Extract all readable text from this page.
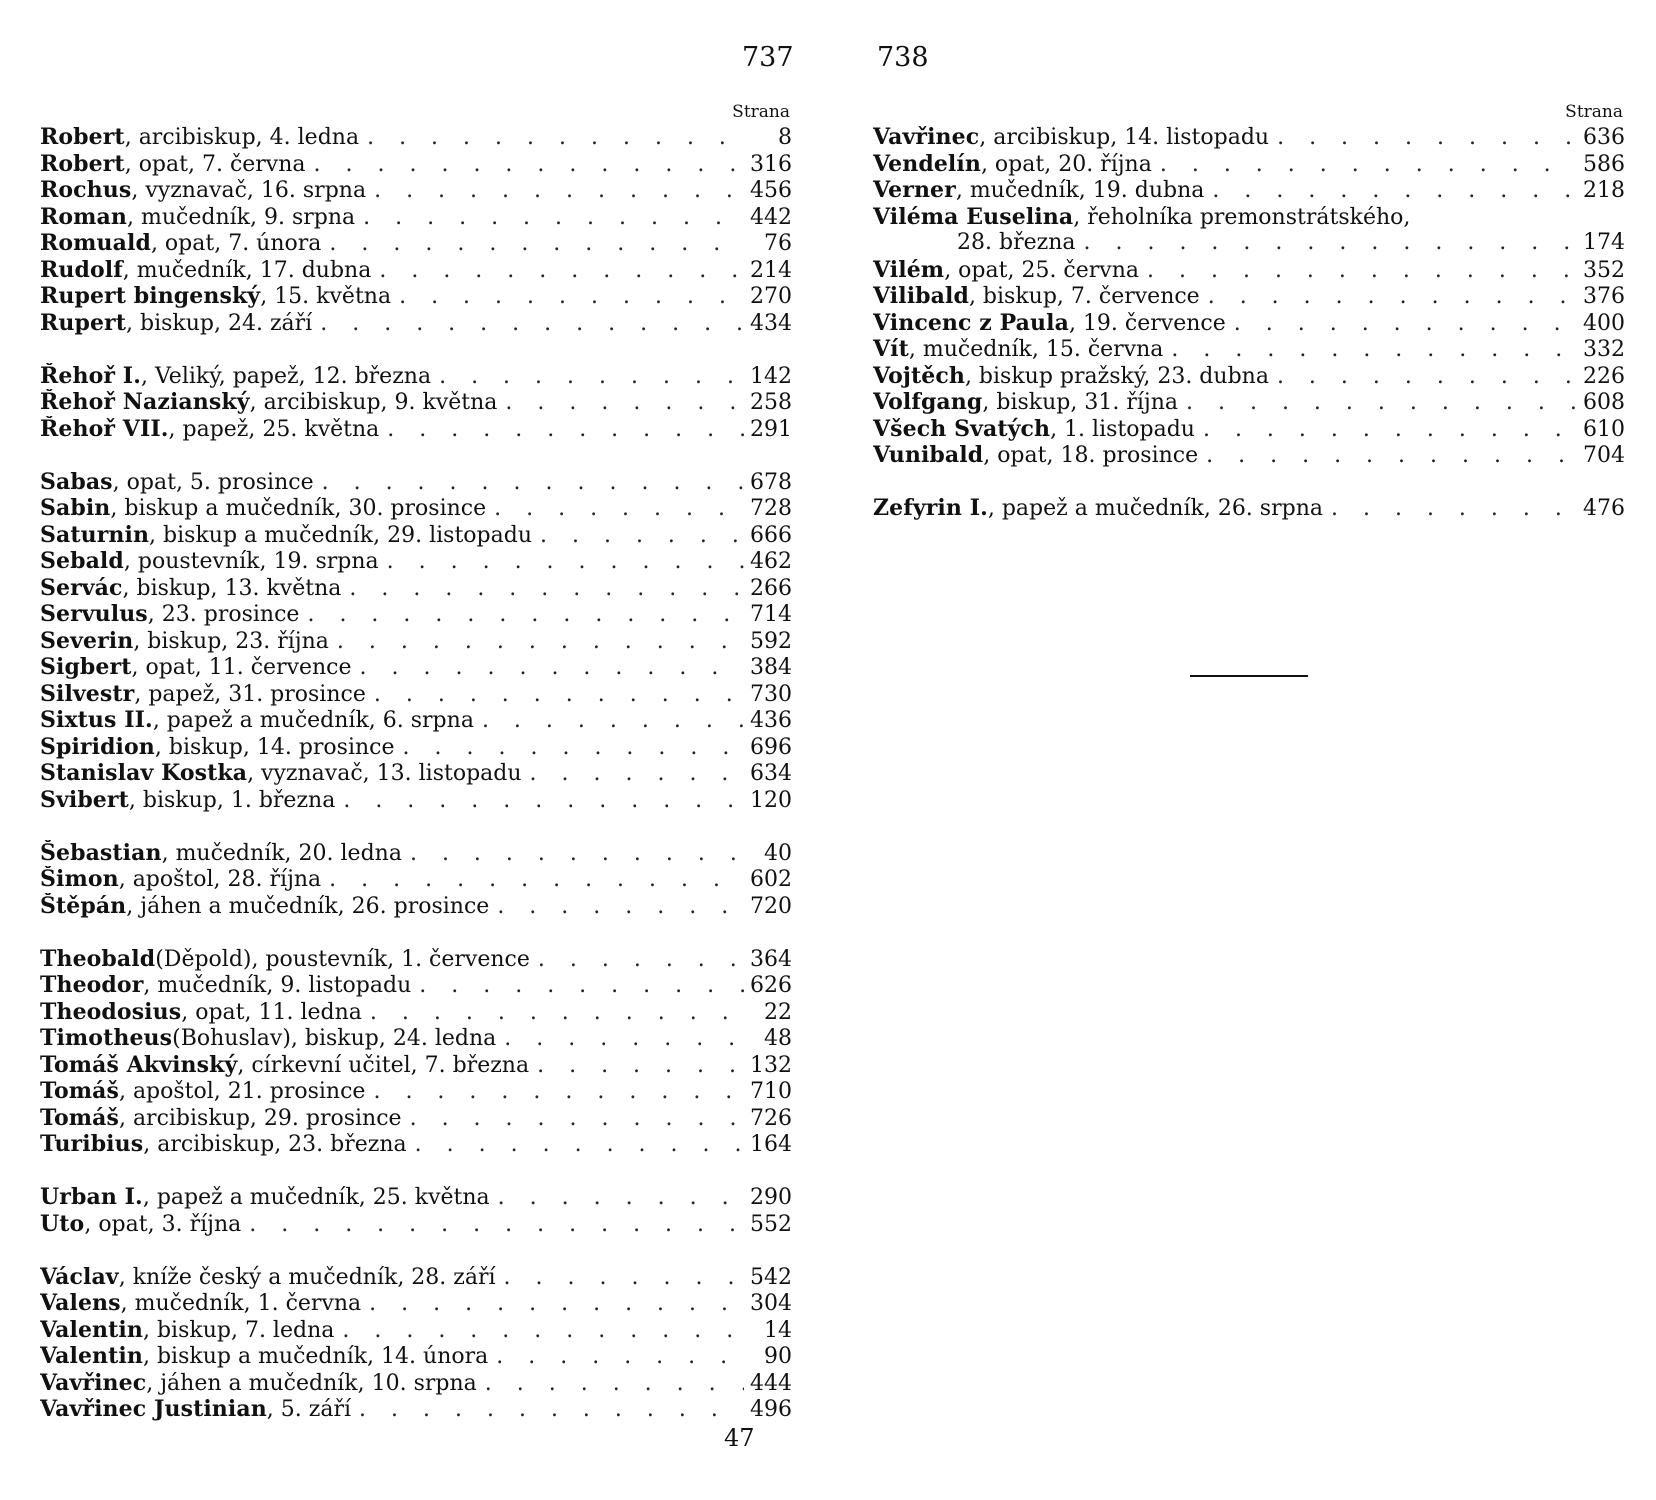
737	738
Strana
Robert , arcibiskup, 4. ledna . . .	8
Robert , opat, 7. června . . .	316
Rochus , vyznavač, 16. srpna . . .	456
Roman , mučedník, 9. srpna . . .	442
Romuald , opat, 7. února . . .	76
Rudolf , mučedník, 17. dubna . . .	214
Rupert bingenský , 15. května . . .	270
Rupert , biskup, 24. září . . .	434
Řehoř I. , Veliký, papež, 12. března . . .	142
Řehoř Nazianský , arcibiskup, 9. května . . .	258
Řehoř VII. , papež, 25. května . . .	291
Sabas , opat, 5. prosince . . .	678
Sabin , biskup a mučedník, 30. prosince . . .	728
Saturnin , biskup a mučedník, 29. listopadu . . .	666
Sebald , poustevník, 19. srpna . . .	462
Servác , biskup, 13. května . . .	266
Servulus , 23. prosince . . .	714
Severin , biskup, 23. října . . .	592
Sigbert , opat, 11. července . . .	384
Silvestr , papež, 31. prosince . . .	730
Sixtus II. , papež a mučedník, 6. srpna . . .	436
Spiridion , biskup, 14. prosince . . .	696
Stanislav Kostka , vyznavač, 13. listopadu . . .	634
Svibert , biskup, 1. března . . .	120
Šebastian , mučedník, 20. ledna . . .	40
Šimon , apoštol, 28. října . . .	602
Štěpán , jáhen a mučedník, 26. prosince . . .	720
Theobald (Děpold), poustevník, 1. července . . .	364
Theodor , mučedník, 9. listopadu . . .	626
Theodosius , opat, 11. ledna . . .	22
Timotheus (Bohuslav), biskup, 24. ledna . . .	48
Tomáš Akvinský , církevní učitel, 7. března . . .	132
Tomáš , apoštol, 21. prosince . . .	710
Tomáš , arcibiskup, 29. prosince . . .	726
Turibius , arcibiskup, 23. března . . .	164
Urban I. , papež a mučedník, 25. května . . .	290
Uto , opat, 3. října . . .	552
Václav , kníže český a mučedník, 28. září . . .	542
Valens , mučedník, 1. června . . .	304
Valentin , biskup, 7. ledna . . .	14
Valentin , biskup a mučedník, 14. února . . .	90
Vavřinec , jáhen a mučedník, 10. srpna . . .	444
Vavřinec Justinian , 5. září . . .	496
Strana
Vavřinec , arcibiskup, 14. listopadu . . .	636
Vendelín , opat, 20. října . . .	586
Verner , mučedník, 19. dubna . . .	218
Viléma Euselina , řeholníka premonstrátského,
28. března . . .	174
Vilém , opat, 25. června . . .	352
Vilibald , biskup, 7. července . . .	376
Vincenc z Paula , 19. července . . .	400
Vít , mučedník, 15. června . . .	332
Vojtěch , biskup pražský, 23. dubna . . .	226
Volfgang , biskup, 31. října . . .	608
Všech Svatých , 1. listopadu . . .	610
Vunibald , opat, 18. prosince . . .	704
Zefyrin I. , papež a mučedník, 26. srpna . . .	476
47
